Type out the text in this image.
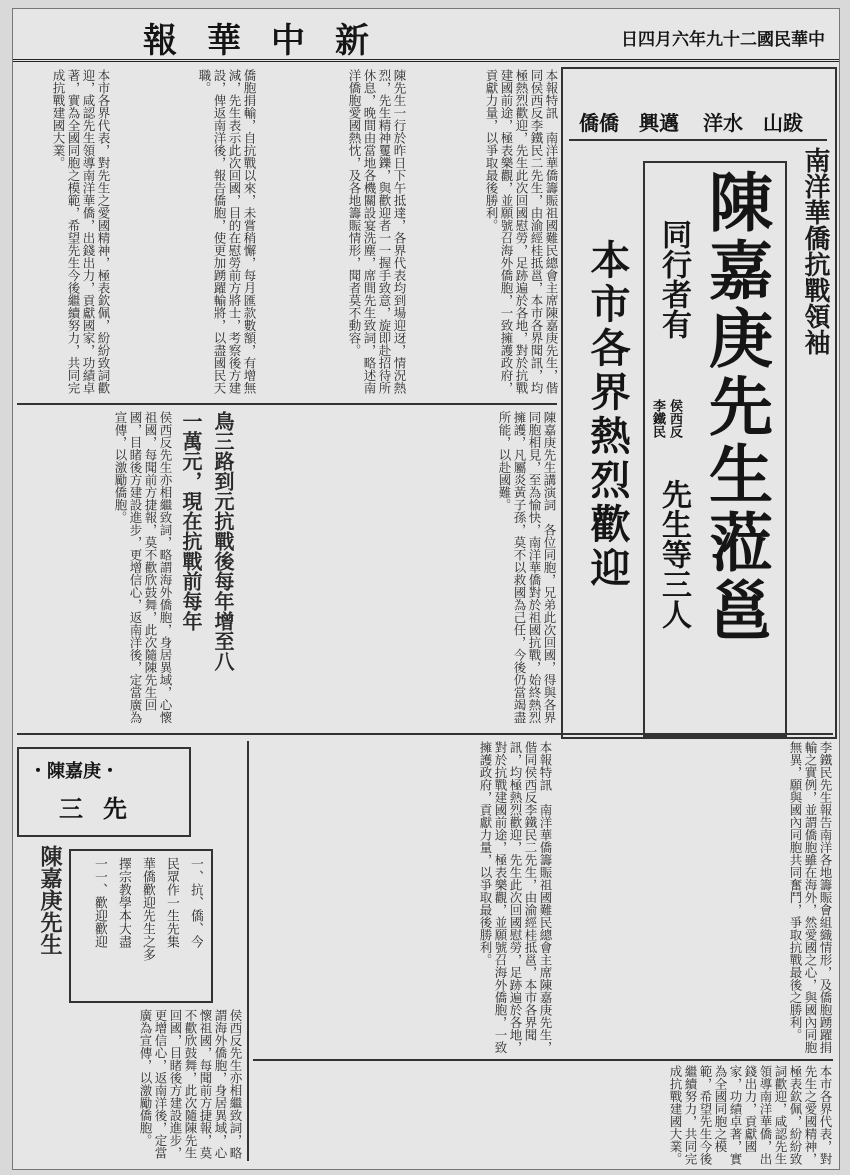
報華中新	日四月六年九十二國民華中
僑僑　興邁 洋水　山跋
南洋華僑抗戰領袖
陳嘉庚先生蒞邕
同行者有
侯西反
李鐵民
先生等三人
本市各界熱烈歡迎
本報特訊　南洋華僑籌賑祖國難民總會主席陳嘉庚先生，偕同侯西反李鐵民二先生，由渝經桂抵邕，本市各界聞訊，均極熱烈歡迎，先生此次回國慰勞，足跡遍於各地，對於抗戰建國前途，極表樂觀，並願號召海外僑胞，一致擁護政府，貢獻力量，以爭取最後勝利。
陳先生一行於昨日下午抵達，各界代表均到場迎迓，情況熱烈，先生精神矍鑠，與歡迎者一一握手致意，旋即赴招待所休息，晚間由當地各機關設宴洗塵，席間先生致詞，略述南洋僑胞愛國熱忱，及各地籌賑情形，聞者莫不動容。
僑胞捐輸，自抗戰以來，未嘗稍懈，每月匯款數額，有增無減，先生表示此次回國，目的在慰勞前方將士，考察後方建設，俾返南洋後，報告僑胞，使更加踴躍輸將，以盡國民天職。
本市各界代表，對先生之愛國精神，極表欽佩，紛紛致詞歡迎，咸認先生領導南洋華僑，出錢出力，貢獻國家，功績卓著，實為全國同胞之模範，希望先生今後繼續努力，共同完成抗戰建國大業。
陳嘉庚先生講演詞　各位同胞，兄弟此次回國，得與各界同胞相見，至為愉快，南洋華僑對於祖國抗戰，始終熱烈擁護，凡屬炎黃子孫，莫不以救國為己任，今後仍當竭盡所能，以赴國難。
鳥三路到元抗戰後每年增至八
一萬元，現在抗戰前每年
侯西反先生亦相繼致詞，略謂海外僑胞，身居異域，心懷祖國，每聞前方捷報，莫不歡欣鼓舞，此次隨陳先生回國，目睹後方建設進步，更增信心，返南洋後，定當廣為宣傳，以激勵僑胞。
李鐵民先生報告南洋各地籌賑會組織情形，及僑胞踴躍捐輸之實例，並謂僑胞雖在海外，然愛國之心，與國內同胞無異，願與國內同胞共同奮鬥，爭取抗戰最後之勝利。
本報特訊　南洋華僑籌賑祖國難民總會主席陳嘉庚先生，偕同侯西反李鐵民二先生，由渝經桂抵邕，本市各界聞訊，均極熱烈歡迎，先生此次回國慰勞，足跡遍於各地，對於抗戰建國前途，極表樂觀，並願號召海外僑胞，一致擁護政府，貢獻力量，以爭取最後勝利。
本市各界代表，對先生之愛國精神，極表欽佩，紛紛致詞歡迎，咸認先生領導南洋華僑，出錢出力，貢獻國家，功績卓著，實為全國同胞之模範，希望先生今後繼續努力，共同完成抗戰建國大業。
・陳嘉庚・
三先
陳嘉庚先生	一、抗、僑、今
民眾作一生先集
華僑歡迎先生之多
擇宗教學本大盡
一一、歡迎歡迎
侯西反先生亦相繼致詞，略謂海外僑胞，身居異域，心懷祖國，每聞前方捷報，莫不歡欣鼓舞，此次隨陳先生回國，目睹後方建設進步，更增信心，返南洋後，定當廣為宣傳，以激勵僑胞。
